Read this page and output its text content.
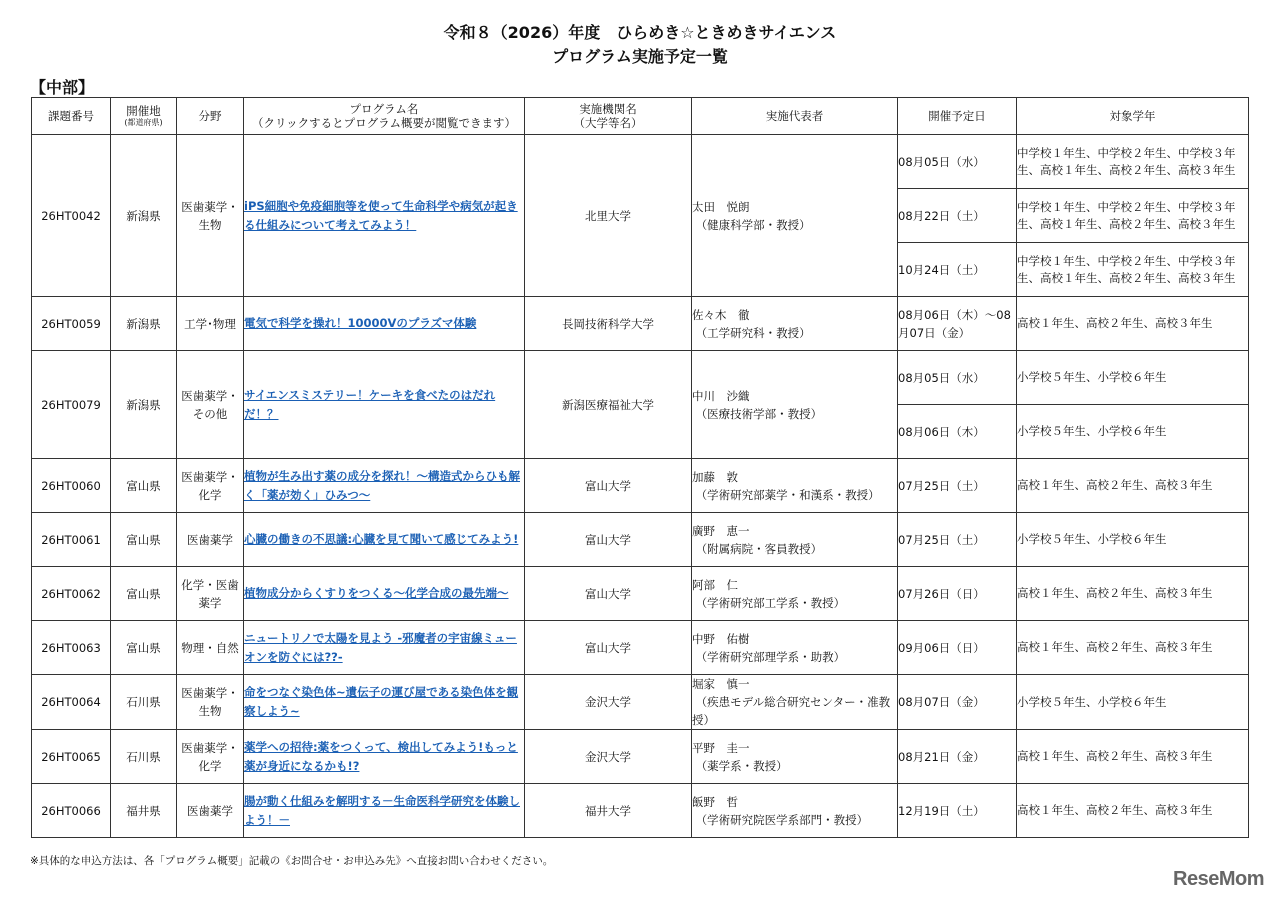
令和８（2026）年度　ひらめき☆ときめきサイエンス
プログラム実施予定一覧
【中部】
課題番号	開催地
(都道府県)	分野	プログラム名
（クリックするとプログラム概要が閲覧できます）	実施機関名
（大学等名）	実施代表者	開催予定日	対象学年
26HT0042	新潟県	医歯薬学・
生物	iPS細胞や免疫細胞等を使って生命科学や病気が起きる仕組みについて考えてみよう！	北里大学	太田　悦朗
（健康科学部・教授）	08月05日（水）	中学校１年生、中学校２年生、中学校３年生、高校１年生、高校２年生、高校３年生
						08月22日（土）	中学校１年生、中学校２年生、中学校３年生、高校１年生、高校２年生、高校３年生
						10月24日（土）	中学校１年生、中学校２年生、中学校３年生、高校１年生、高校２年生、高校３年生
26HT0059	新潟県	工学･物理	電気で科学を操れ！10000Vのプラズマ体験	長岡技術科学大学	佐々木　徹
（工学研究科・教授）	08月06日（木）～08月07日（金）	高校１年生、高校２年生、高校３年生
26HT0079	新潟県	医歯薬学・
その他	サイエンスミステリー！ケーキを食べたのはだれだ！？	新潟医療福祉大学	中川　沙織
（医療技術学部・教授）	08月05日（水）	小学校５年生、小学校６年生
						08月06日（木）	小学校５年生、小学校６年生
26HT0060	富山県	医歯薬学・
化学	植物が生み出す薬の成分を探れ！～構造式からひも解く「薬が効く」ひみつ～	富山大学	加藤　敦
（学術研究部薬学・和漢系・教授）	07月25日（土）	高校１年生、高校２年生、高校３年生
26HT0061	富山県	医歯薬学	心臓の働きの不思議:心臓を見て聞いて感じてみよう!	富山大学	廣野　恵一
（附属病院・客員教授）	07月25日（土）	小学校５年生、小学校６年生
26HT0062	富山県	化学・医歯
薬学	植物成分からくすりをつくる～化学合成の最先端～	富山大学	阿部　仁
（学術研究部工学系・教授）	07月26日（日）	高校１年生、高校２年生、高校３年生
26HT0063	富山県	物理・自然	ニュートリノで太陽を見よう -邪魔者の宇宙線ミューオンを防ぐには??-	富山大学	中野　佑樹
（学術研究部理学系・助教）	09月06日（日）	高校１年生、高校２年生、高校３年生
26HT0064	石川県	医歯薬学・
生物	命をつなぐ染色体~遺伝子の運び屋である染色体を観察しよう~	金沢大学	堀家　慎一
（疾患モデル総合研究センター・准教授）	08月07日（金）	小学校５年生、小学校６年生
26HT0065	石川県	医歯薬学・
化学	薬学への招待:薬をつくって、検出してみよう!もっと薬が身近になるかも!?	金沢大学	平野　圭一
（薬学系・教授）	08月21日（金）	高校１年生、高校２年生、高校３年生
26HT0066	福井県	医歯薬学	腸が動く仕組みを解明する－生命医科学研究を体験しよう！－	福井大学	飯野　哲
（学術研究院医学系部門・教授）	12月19日（土）	高校１年生、高校２年生、高校３年生
※具体的な申込方法は、各「プログラム概要」記載の《お問合せ・お申込み先》へ直接お問い合わせください。
ReseMom
